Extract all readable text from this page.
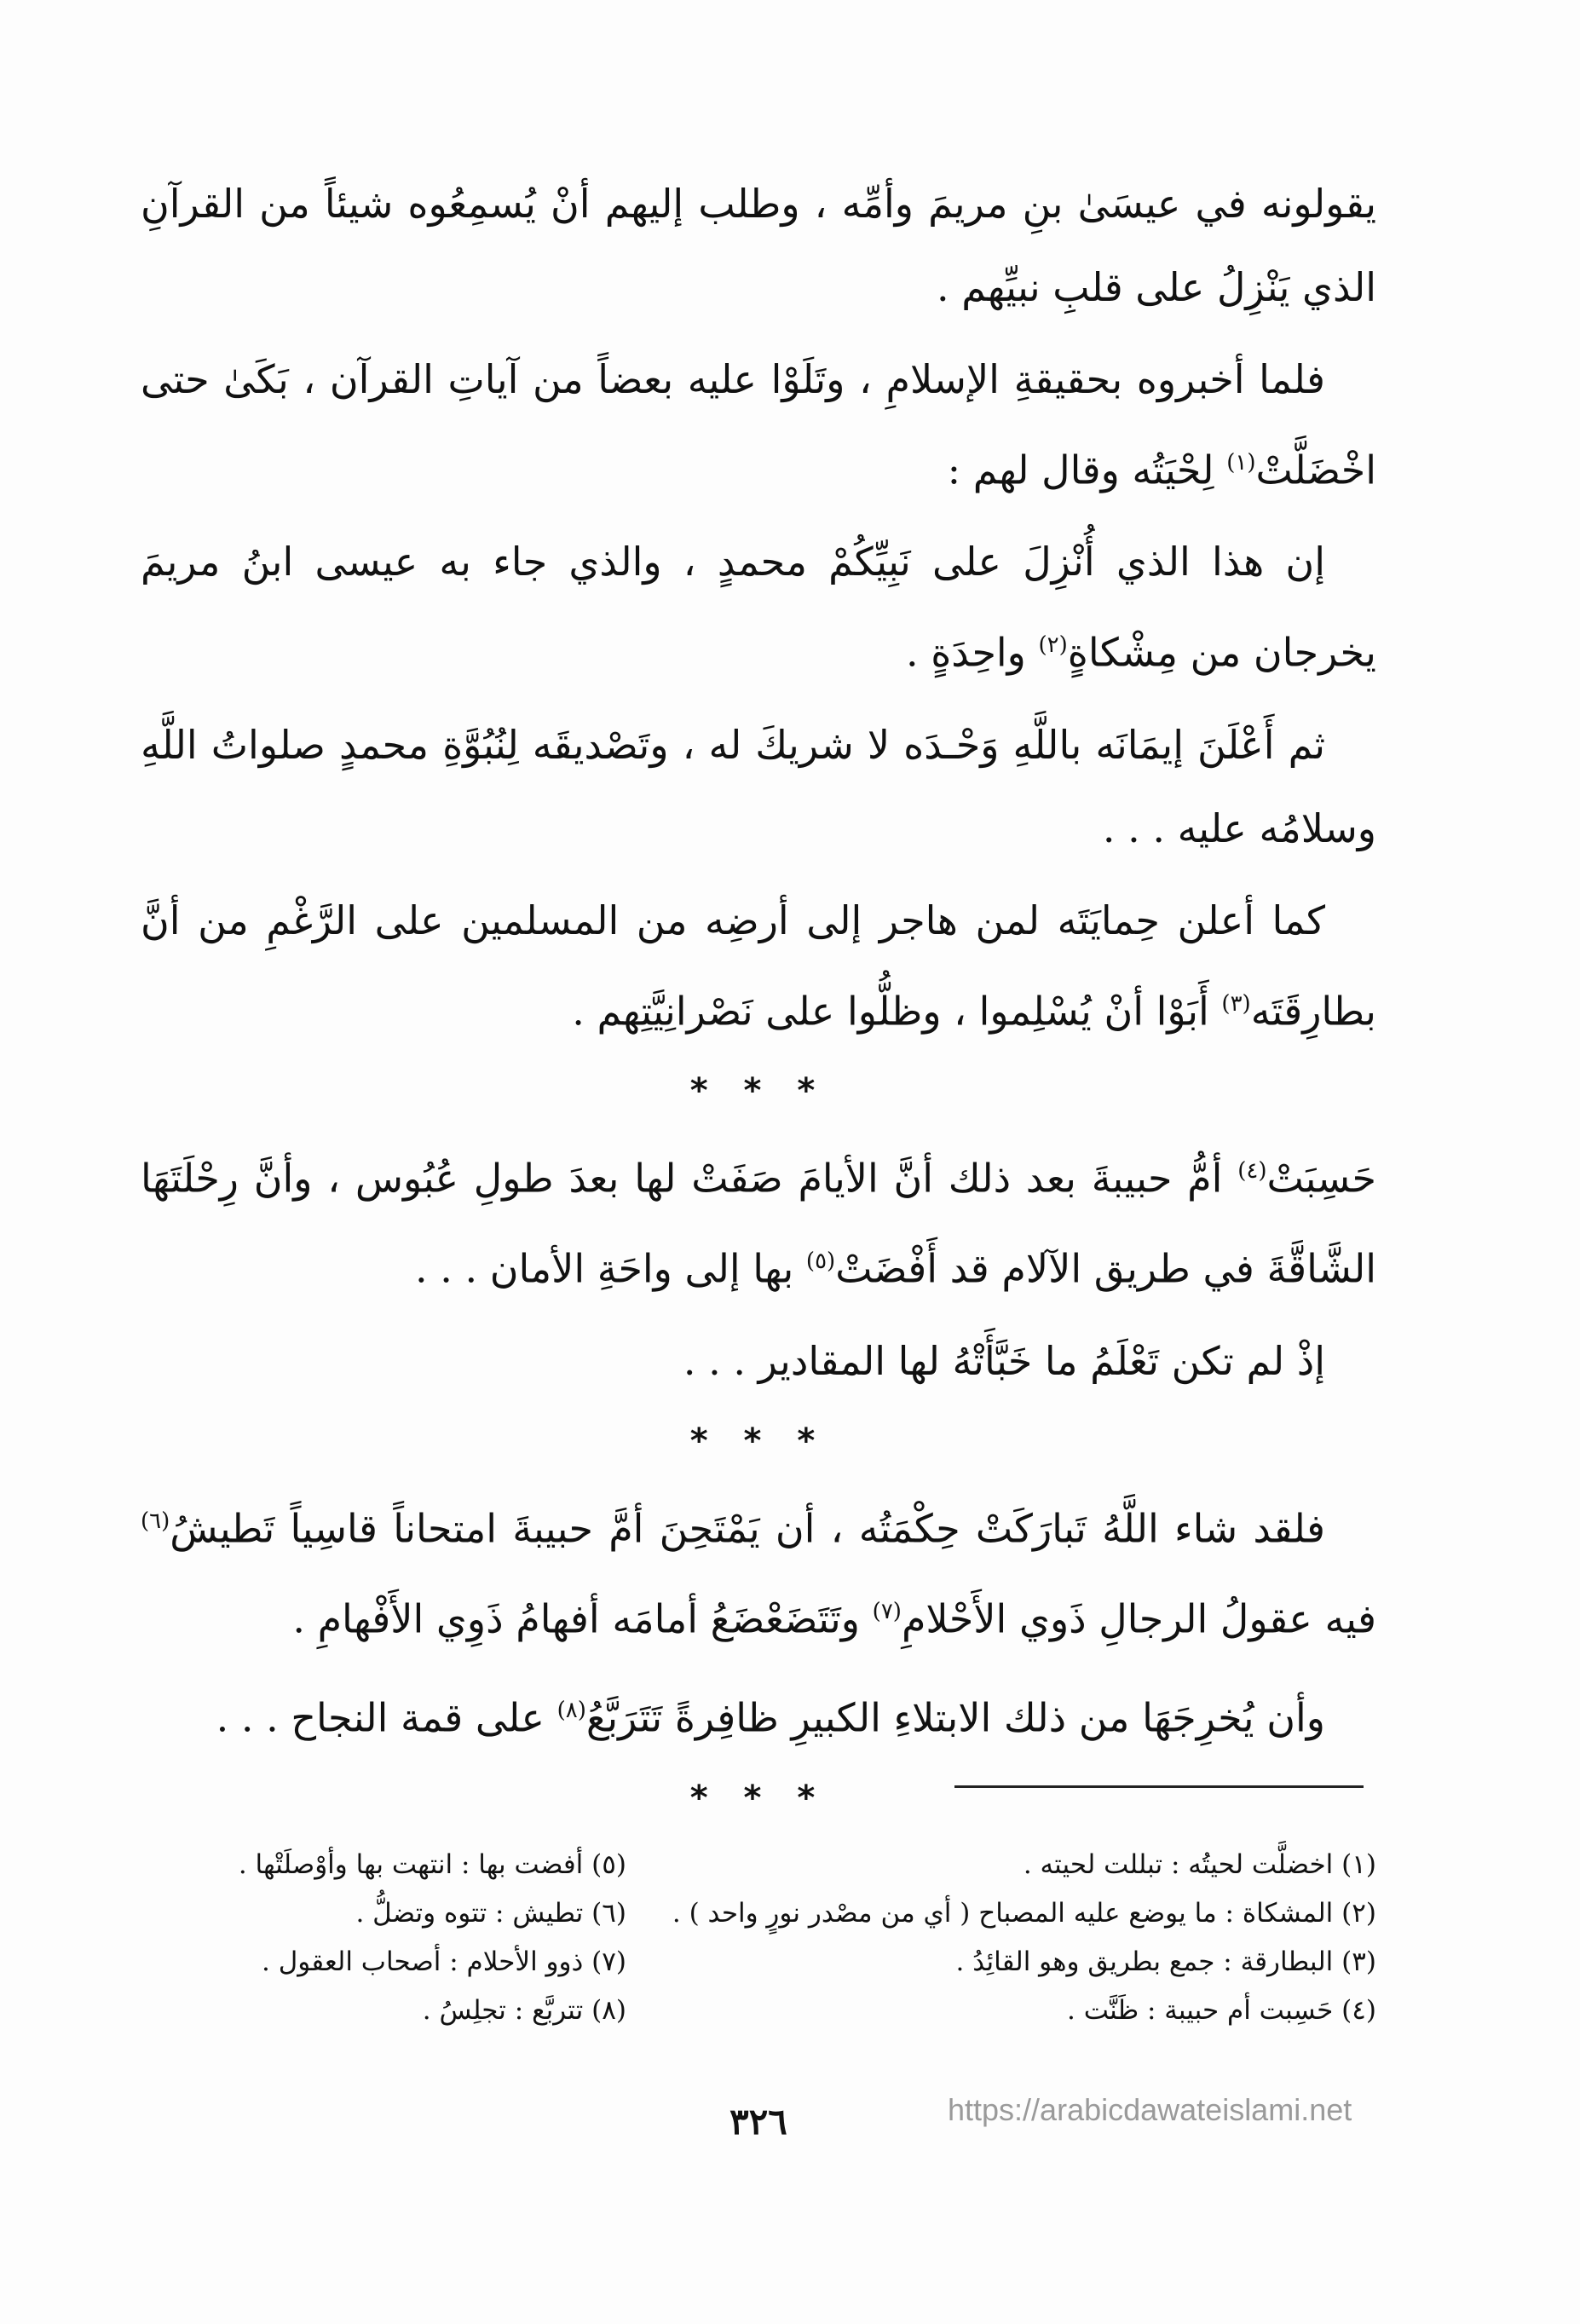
يقولونه في عيسَىٰ بنِ مريمَ وأمِّه ، وطلب إليهم أنْ يُسمِعُوه شيئاً من القرآنِ الذي يَنْزِلُ على قلبِ نبيِّهم .

فلما أخبروه بحقيقةِ الإسلامِ ، وتَلَوْا عليه بعضاً من آياتِ القرآن ، بَكَىٰ حتى اخْضَلَّتْ$^{(١)}$ لِحْيَتُه وقال لهم :

إن هذا الذي أُنْزِلَ على نَبِيِّكُمْ محمدٍ ، والذي جاء به عيسى ابنُ مريمَ يخرجان من مِشْكاةٍ$^{(٢)}$ واحِدَةٍ .

ثم أَعْلَنَ إيمَانَه باللَّهِ وَحْـدَه لا شريكَ له ، وتَصْديقَه لِنُبُوَّةِ محمدٍ صلواتُ اللَّهِ وسلامُه عليه . . .

كما أعلن حِمايَتَه لمن هاجر إلى أرضِه من المسلمين على الرَّغْمِ من أنَّ بطارِقَتَه$^{(٣)}$ أَبَوْا أنْ يُسْلِموا ، وظلُّوا على نَصْرانِيَّتِهم .

* * *

حَسِبَتْ$^{(٤)}$ أمُّ حبيبةَ بعد ذلك أنَّ الأيامَ صَفَتْ لها بعدَ طولِ عُبُوس ، وأنَّ رِحْلَتَهَا الشَّاقَّةَ في طريق الآلام قد أَفْضَتْ$^{(٥)}$ بها إلى واحَةِ الأمان . . .

إذْ لم تكن تَعْلَمُ ما خَبَّأَتْهُ لها المقادير . . .

* * *

فلقد شاء اللَّهُ تَبارَكَتْ حِكْمَتُه ، أن يَمْتَحِنَ أمَّ حبيبةَ امتحاناً قاسِياً تَطيشُ$^{(٦)}$ فيه عقولُ الرجالِ ذَوي الأَحْلامِ$^{(٧)}$ وتَتَضَعْضَعُ أمامَه أفهامُ ذَوِي الأَفْهامِ .

وأن يُخرِجَهَا من ذلك الابتلاءِ الكبيرِ ظافِرةً تَتَرَبَّعُ$^{(٨)}$ على قمة النجاح . . .

* * *
(١) اخضلَّت لحيتُه : تبللت لحيته .
(٢) المشكاة : ما يوضع عليه المصباح ( أي من مصْدر نورٍ واحد ) .
(٣) البطارقة : جمع بطريق وهو القائِدُ .
(٤) حَسِبت أم حبيبة : ظَنَّت .
(٥) أفضت بها : انتهت بها وأوْصلَتْها .
(٦) تطيش : تتوه وتضلُّ .
(٧) ذوو الأحلام : أصحاب العقول .
(٨) تتربَّع : تجلِسُ .
٣٢٦	https://arabicdawateislami.net
